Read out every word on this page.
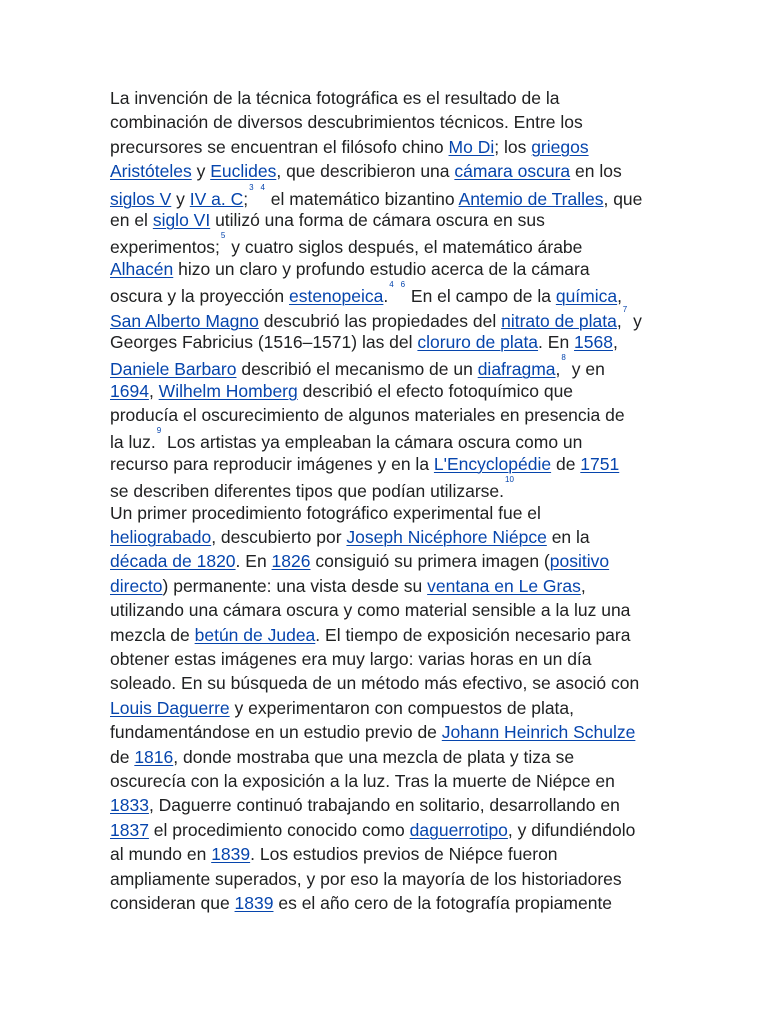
La invención de la técnica fotográfica es el resultado de la
combinación de diversos descubrimientos técnicos. Entre los
precursores se encuentran el filósofo chino Mo Di; los griegos
Aristóteles y Euclides, que describieron una cámara oscura en los
siglos V y IV a. C;$^3$ $^4$ el matemático bizantino Antemio de Tralles, que
en el siglo VI utilizó una forma de cámara oscura en sus
experimentos;$^5$ y cuatro siglos después, el matemático árabe
Alhacén hizo un claro y profundo estudio acerca de la cámara
oscura y la proyección estenopeica.$^4$ $^6$ En el campo de la química,
San Alberto Magno descubrió las propiedades del nitrato de plata,$^7$ y
Georges Fabricius (1516–1571) las del cloruro de plata. En 1568,
Daniele Barbaro describió el mecanismo de un diafragma,$^8$ y en
1694, Wilhelm Homberg describió el efecto fotoquímico que
producía el oscurecimiento de algunos materiales en presencia de
la luz.$^9$ Los artistas ya empleaban la cámara oscura como un
recurso para reproducir imágenes y en la L'Encyclopédie de 1751
se describen diferentes tipos que podían utilizarse.$^{10}$
Un primer procedimiento fotográfico experimental fue el
heliograbado, descubierto por Joseph Nicéphore Niépce en la
década de 1820. En 1826 consiguió su primera imagen (positivo
directo) permanente: una vista desde su ventana en Le Gras,
utilizando una cámara oscura y como material sensible a la luz una
mezcla de betún de Judea. El tiempo de exposición necesario para
obtener estas imágenes era muy largo: varias horas en un día
soleado. En su búsqueda de un método más efectivo, se asoció con
Louis Daguerre y experimentaron con compuestos de plata,
fundamentándose en un estudio previo de Johann Heinrich Schulze
de 1816, donde mostraba que una mezcla de plata y tiza se
oscurecía con la exposición a la luz. Tras la muerte de Niépce en
1833, Daguerre continuó trabajando en solitario, desarrollando en
1837 el procedimiento conocido como daguerrotipo, y difundiéndolo
al mundo en 1839. Los estudios previos de Niépce fueron
ampliamente superados, y por eso la mayoría de los historiadores
consideran que 1839 es el año cero de la fotografía propiamente
